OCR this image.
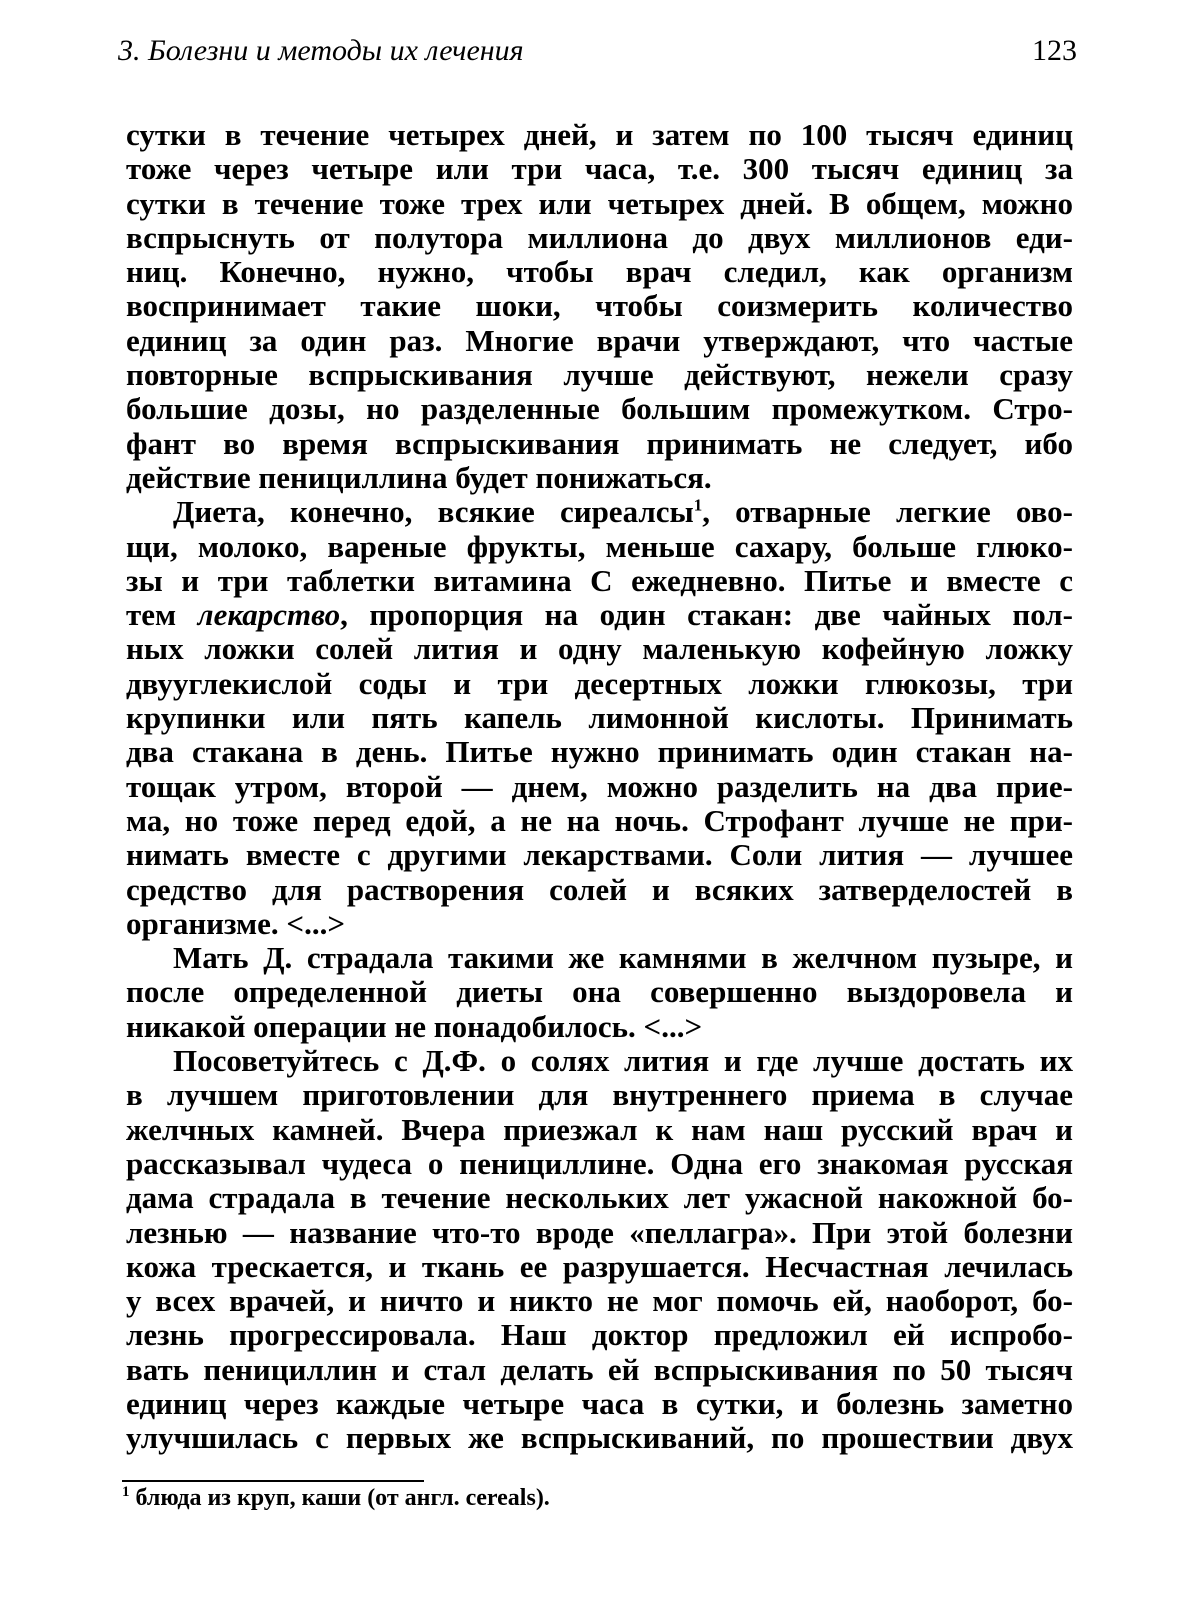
3. Болезни и методы их лечения	123

сутки в течение четырех дней, и затем по 100 тысяч единиц
тоже через четыре или три часа, т.е. 300 тысяч единиц за
сутки в течение тоже трех или четырех дней. В общем, можно
вспрыснуть от полутора миллиона до двух миллионов еди-
ниц. Конечно, нужно, чтобы врач следил, как организм
воспринимает такие шоки, чтобы соизмерить количество
единиц за один раз. Многие врачи утверждают, что частые
повторные вспрыскивания лучше действуют, нежели сразу
большие дозы, но разделенные большим промежутком. Стро-
фант во время вспрыскивания принимать не следует, ибо
действие пенициллина будет понижаться.

Диета, конечно, всякие сиреалсы$^1$, отварные легкие ово-
щи, молоко, вареные фрукты, меньше сахару, больше глюко-
зы и три таблетки витамина С ежедневно. Питье и вместе с
тем лекарство, пропорция на один стакан: две чайных пол-
ных ложки солей лития и одну маленькую кофейную ложку
двууглекислой соды и три десертных ложки глюкозы, три
крупинки или пять капель лимонной кислоты. Принимать
два стакана в день. Питье нужно принимать один стакан на-
тощак утром, второй — днем, можно разделить на два прие-
ма, но тоже перед едой, а не на ночь. Строфант лучше не при-
нимать вместе с другими лекарствами. Соли лития — лучшее
средство для растворения солей и всяких затверделостей в
организме. <...>

Мать Д. страдала такими же камнями в желчном пузыре, и
после определенной диеты она совершенно выздоровела и
никакой операции не понадобилось. <...>

Посоветуйтесь с Д.Ф. о солях лития и где лучше достать их
в лучшем приготовлении для внутреннего приема в случае
желчных камней. Вчера приезжал к нам наш русский врач и
рассказывал чудеса о пенициллине. Одна его знакомая русская
дама страдала в течение нескольких лет ужасной накожной бо-
лезнью — название что-то вроде «пеллагра». При этой болезни
кожа трескается, и ткань ее разрушается. Несчастная лечилась
у всех врачей, и ничто и никто не мог помочь ей, наоборот, бо-
лезнь прогрессировала. Наш доктор предложил ей испробо-
вать пенициллин и стал делать ей вспрыскивания по 50 тысяч
единиц через каждые четыре часа в сутки, и болезнь заметно
улучшилась с первых же вспрыскиваний, по прошествии двух

$^1$ блюда из круп, каши (от англ. cereals).
